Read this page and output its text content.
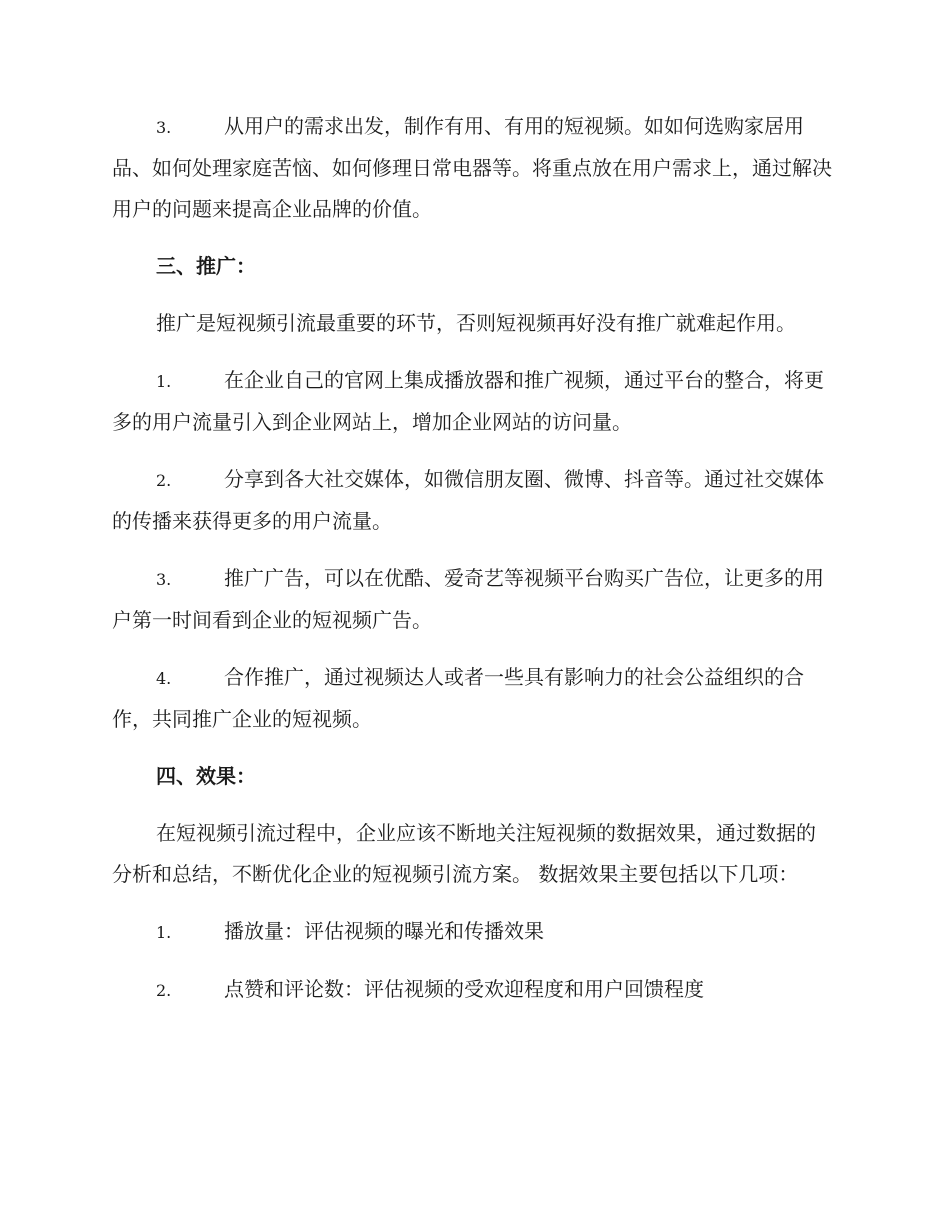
3.	从用户的需求出发，制作有用、有用的短视频。如如何选购家居用品、如何处理家庭苦恼、如何修理日常电器等。将重点放在用户需求上，通过解决用户的问题来提高企业品牌的价值。

三、推广：

推广是短视频引流最重要的环节，否则短视频再好没有推广就难起作用。

1.	在企业自己的官网上集成播放器和推广视频，通过平台的整合，将更多的用户流量引入到企业网站上，增加企业网站的访问量。

2.	分享到各大社交媒体，如微信朋友圈、微博、抖音等。通过社交媒体的传播来获得更多的用户流量。

3.	推广广告，可以在优酷、爱奇艺等视频平台购买广告位，让更多的用户第一时间看到企业的短视频广告。

4.	合作推广，通过视频达人或者一些具有影响力的社会公益组织的合作，共同推广企业的短视频。

四、效果：

在短视频引流过程中，企业应该不断地关注短视频的数据效果，通过数据的分析和总结，不断优化企业的短视频引流方案。 数据效果主要包括以下几项：

1.	播放量：评估视频的曝光和传播效果

2.	点赞和评论数：评估视频的受欢迎程度和用户回馈程度
